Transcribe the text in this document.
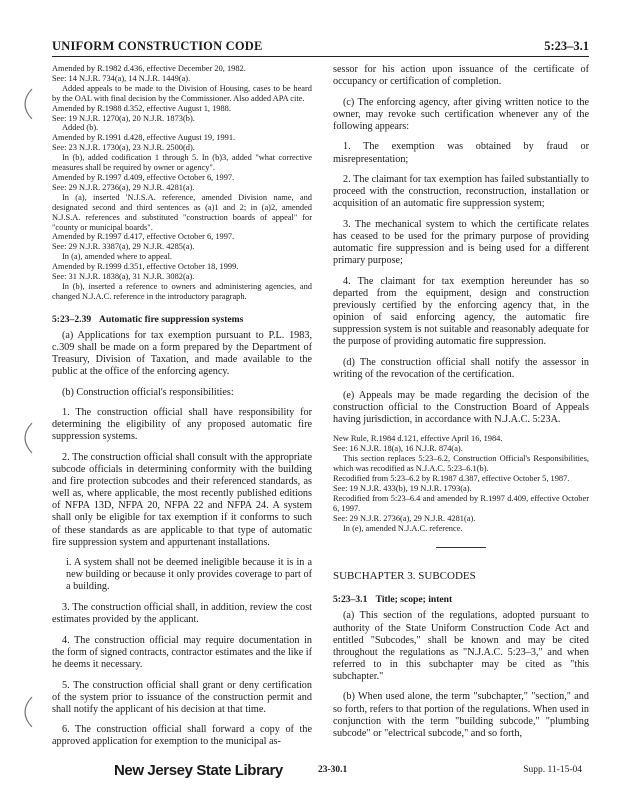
UNIFORM CONSTRUCTION CODE	5:23–3.1

Amended by R.1982 d.436, effective December 20, 1982.

See: 14 N.J.R. 734(a), 14 N.J.R. 1449(a).

Added appeals to be made to the Division of Housing, cases to be heard by the OAL with final decision by the Commissioner. Also added APA cite.

Amended by R.1988 d.352, effective August 1, 1988.

See: 19 N.J.R. 1270(a), 20 N.J.R. 1873(b).

Added (b).

Amended by R.1991 d.428, effective August 19, 1991.

See: 23 N.J.R. 1730(a), 23 N.J.R. 2500(d).

In (b), added codification 1 through 5. In (b)3, added "what corrective measures shall be required by owner or agency".

Amended by R.1997 d.409, effective October 6, 1997.

See: 29 N.J.R. 2736(a), 29 N.J.R. 4281(a).

In (a), inserted 'N.J.S.A. reference, amended Division name, and designated second and third sentences as (a)1 and 2; in (a)2, amended N.J.S.A. references and substituted "construction boards of appeal" for "county or municipal boards".

Amended by R.1997 d.417, effective October 6, 1997.

See: 29 N.J.R. 3387(a), 29 N.J.R. 4285(a).

In (a), amended where to appeal.

Amended by R.1999 d.351, effective October 18, 1999.

See: 31 N.J.R. 1838(a), 31 N.J.R. 3082(a).

In (b), inserted a reference to owners and administering agencies, and changed N.J.A.C. reference in the introductory paragraph.

5:23–2.39 Automatic fire suppression systems

(a) Applications for tax exemption pursuant to P.L. 1983, c.309 shall be made on a form prepared by the Department of Treasury, Division of Taxation, and made available to the public at the office of the enforcing agency.

(b) Construction official's responsibilities:

1. The construction official shall have responsibility for determining the eligibility of any proposed automatic fire suppression systems.

2. The construction official shall consult with the appropriate subcode officials in determining conformity with the building and fire protection subcodes and their referenced standards, as well as, where applicable, the most recently published editions of NFPA 13D, NFPA 20, NFPA 22 and NFPA 24. A system shall only be eligible for tax exemption if it conforms to such of these standards as are applicable to that type of automatic fire suppression system and appurtenant installations.

i. A system shall not be deemed ineligible because it is in a new building or because it only provides coverage to part of a building.

3. The construction official shall, in addition, review the cost estimates provided by the applicant.

4. The construction official may require documentation in the form of signed contracts, contractor estimates and the like if he deems it necessary.

5. The construction official shall grant or deny certification of the system prior to issuance of the construction permit and shall notify the applicant of his decision at that time.

6. The construction official shall forward a copy of the approved application for exemption to the municipal as-

sessor for his action upon issuance of the certificate of occupancy or certification of completion.

(c) The enforcing agency, after giving written notice to the owner, may revoke such certification whenever any of the following appears:

1. The exemption was obtained by fraud or misrepresentation;

2. The claimant for tax exemption has failed substantially to proceed with the construction, reconstruction, installation or acquisition of an automatic fire suppression system;

3. The mechanical system to which the certificate relates has ceased to be used for the primary purpose of providing automatic fire suppression and is being used for a different primary purpose;

4. The claimant for tax exemption hereunder has so departed from the equipment, design and construction previously certified by the enforcing agency that, in the opinion of said enforcing agency, the automatic fire suppression system is not suitable and reasonably adequate for the purpose of providing automatic fire suppression.

(d) The construction official shall notify the assessor in writing of the revocation of the certification.

(e) Appeals may be made regarding the decision of the construction official to the Construction Board of Appeals having jurisdiction, in accordance with N.J.A.C. 5:23A.

New Rule, R.1984 d.121, effective April 16, 1984.

See: 16 N.J.R. 18(a), 16 N.J.R. 874(a).

This section replaces 5:23–6.2, Construction Official's Responsibilities, which was recodified as N.J.A.C. 5:23–6.1(b).

Recodified from 5:23–6.2 by R.1987 d.387, effective October 5, 1987.

See: 19 N.J.R. 433(b), 19 N.J.R. 1793(a).

Recodified from 5:23–6.4 and amended by R.1997 d.409, effective October 6, 1997.

See: 29 N.J.R. 2736(a), 29 N.J.R. 4281(a).

In (e), amended N.J.A.C. reference.

SUBCHAPTER 3. SUBCODES
5:23–3.1 Title; scope; intent

(a) This section of the regulations, adopted pursuant to authority of the State Uniform Construction Code Act and entitled "Subcodes," shall be known and may be cited throughout the regulations as "N.J.A.C. 5:23–3," and when referred to in this subchapter may be cited as "this subchapter."

(b) When used alone, the term "subchapter," "section," and so forth, refers to that portion of the regulations. When used in conjunction with the term "building subcode," "plumbing subcode" or "electrical subcode," and so forth,

New Jersey State Library	23-30.1	Supp. 11-15-04
